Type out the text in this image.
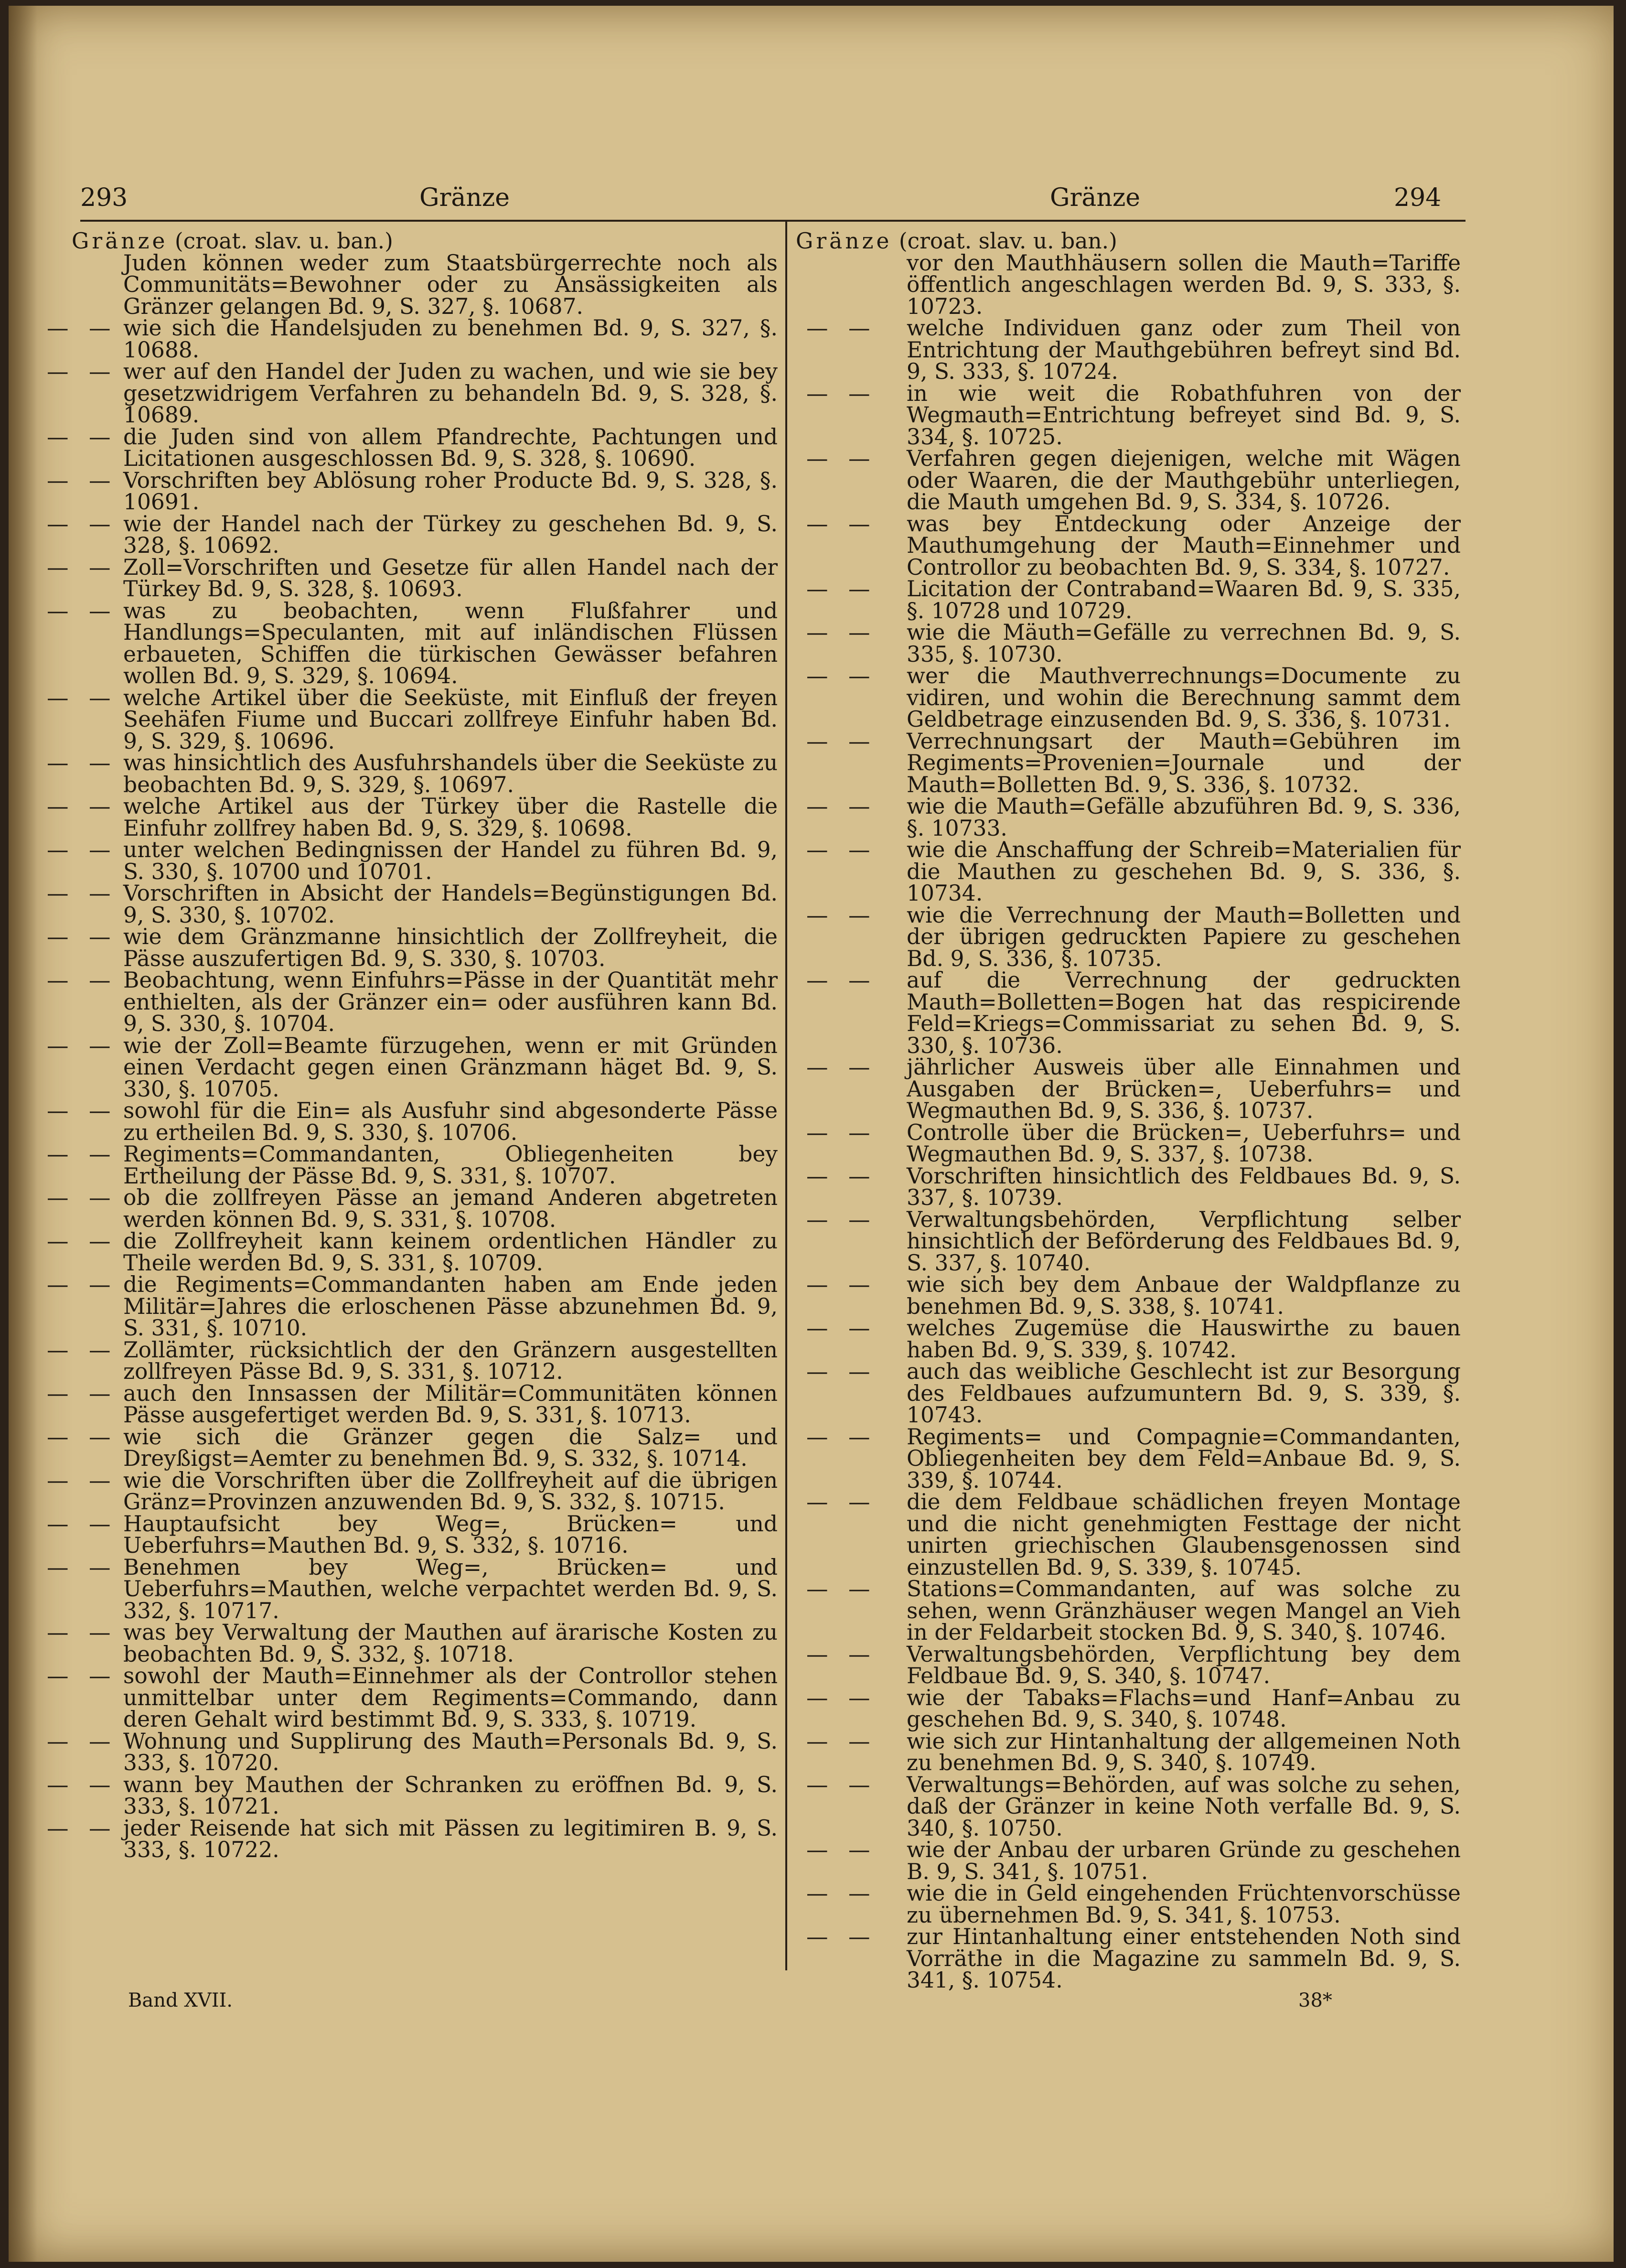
293	Gränze	Gränze	294
Gränze (croat. slav. u. ban.)
Juden können weder zum Staatsbürgerrechte noch als Communitäts=Bewohner oder zu Ansässigkeiten als Gränzer gelangen Bd. 9, S. 327, §. 10687.
— — wie sich die Handelsjuden zu benehmen Bd. 9, S. 327, §. 10688.
— — wer auf den Handel der Juden zu wachen, und wie sie bey gesetzwidrigem Verfahren zu behandeln Bd. 9, S. 328, §. 10689.
— — die Juden sind von allem Pfandrechte, Pachtungen und Licitationen ausgeschlossen Bd. 9, S. 328, §. 10690.
— — Vorschriften bey Ablösung roher Producte Bd. 9, S. 328, §. 10691.
— — wie der Handel nach der Türkey zu geschehen Bd. 9, S. 328, §. 10692.
— — Zoll=Vorschriften und Gesetze für allen Handel nach der Türkey Bd. 9, S. 328, §. 10693.
— — was zu beobachten, wenn Flußfahrer und Handlungs=Speculanten, mit auf inländischen Flüssen erbaueten, Schiffen die türkischen Gewässer befahren wollen Bd. 9, S. 329, §. 10694.
— — welche Artikel über die Seeküste, mit Einfluß der freyen Seehäfen Fiume und Buccari zollfreye Einfuhr haben Bd. 9, S. 329, §. 10696.
— — was hinsichtlich des Ausfuhrshandels über die Seeküste zu beobachten Bd. 9, S. 329, §. 10697.
— — welche Artikel aus der Türkey über die Rastelle die Einfuhr zollfrey haben Bd. 9, S. 329, §. 10698.
— — unter welchen Bedingnissen der Handel zu führen Bd. 9, S. 330, §. 10700 und 10701.
— — Vorschriften in Absicht der Handels=Begünstigungen Bd. 9, S. 330, §. 10702.
— — wie dem Gränzmanne hinsichtlich der Zollfreyheit, die Pässe auszufertigen Bd. 9, S. 330, §. 10703.
— — Beobachtung, wenn Einfuhrs=Pässe in der Quantität mehr enthielten, als der Gränzer ein= oder ausführen kann Bd. 9, S. 330, §. 10704.
— — wie der Zoll=Beamte fürzugehen, wenn er mit Gründen einen Verdacht gegen einen Gränzmann häget Bd. 9, S. 330, §. 10705.
— — sowohl für die Ein= als Ausfuhr sind abgesonderte Pässe zu ertheilen Bd. 9, S. 330, §. 10706.
— — Regiments=Commandanten, Obliegenheiten bey Ertheilung der Pässe Bd. 9, S. 331, §. 10707.
— — ob die zollfreyen Pässe an jemand Anderen abgetreten werden können Bd. 9, S. 331, §. 10708.
— — die Zollfreyheit kann keinem ordentlichen Händler zu Theile werden Bd. 9, S. 331, §. 10709.
— — die Regiments=Commandanten haben am Ende jeden Militär=Jahres die erloschenen Pässe abzunehmen Bd. 9, S. 331, §. 10710.
— — Zollämter, rücksichtlich der den Gränzern ausgestellten zollfreyen Pässe Bd. 9, S. 331, §. 10712.
— — auch den Innsassen der Militär=Communitäten können Pässe ausgefertiget werden Bd. 9, S. 331, §. 10713.
— — wie sich die Gränzer gegen die Salz= und Dreyßigst=Aemter zu benehmen Bd. 9, S. 332, §. 10714.
— — wie die Vorschriften über die Zollfreyheit auf die übrigen Gränz=Provinzen anzuwenden Bd. 9, S. 332, §. 10715.
— — Hauptaufsicht bey Weg=, Brücken= und Ueberfuhrs=Mauthen Bd. 9, S. 332, §. 10716.
— — Benehmen bey Weg=, Brücken= und Ueberfuhrs=Mauthen, welche verpachtet werden Bd. 9, S. 332, §. 10717.
— — was bey Verwaltung der Mauthen auf ärarische Kosten zu beobachten Bd. 9, S. 332, §. 10718.
— — sowohl der Mauth=Einnehmer als der Controllor stehen unmittelbar unter dem Regiments=Commando, dann deren Gehalt wird bestimmt Bd. 9, S. 333, §. 10719.
— — Wohnung und Supplirung des Mauth=Personals Bd. 9, S. 333, §. 10720.
— — wann bey Mauthen der Schranken zu eröffnen Bd. 9, S. 333, §. 10721.
— — jeder Reisende hat sich mit Pässen zu legitimiren B. 9, S. 333, §. 10722.
Gränze (croat. slav. u. ban.)
vor den Mauthhäusern sollen die Mauth=Tariffe öffentlich angeschlagen werden Bd. 9, S. 333, §. 10723.
— —	welche Individuen ganz oder zum Theil von Entrichtung der Mauthgebühren befreyt sind Bd. 9, S. 333, §. 10724.
— —	in wie weit die Robathfuhren von der Wegmauth=Entrichtung befreyet sind Bd. 9, S. 334, §. 10725.
— —	Verfahren gegen diejenigen, welche mit Wägen oder Waaren, die der Mauthgebühr unterliegen, die Mauth umgehen Bd. 9, S. 334, §. 10726.
— —	was bey Entdeckung oder Anzeige der Mauthumgehung der Mauth=Einnehmer und Controllor zu beobachten Bd. 9, S. 334, §. 10727.
— —	Licitation der Contraband=Waaren Bd. 9, S. 335, §. 10728 und 10729.
— —	wie die Mäuth=Gefälle zu verrechnen Bd. 9, S. 335, §. 10730.
— —	wer die Mauthverrechnungs=Documente zu vidiren, und wohin die Berechnung sammt dem Geldbetrage einzusenden Bd. 9, S. 336, §. 10731.
— —	Verrechnungsart der Mauth=Gebühren im Regiments=Provenien=Journale und der Mauth=Bolletten Bd. 9, S. 336, §. 10732.
— —	wie die Mauth=Gefälle abzuführen Bd. 9, S. 336, §. 10733.
— —	wie die Anschaffung der Schreib=Materialien für die Mauthen zu geschehen Bd. 9, S. 336, §. 10734.
— —	wie die Verrechnung der Mauth=Bolletten und der übrigen gedruckten Papiere zu geschehen Bd. 9, S. 336, §. 10735.
— —	auf die Verrechnung der gedruckten Mauth=Bolletten=Bogen hat das respicirende Feld=Kriegs=Commissariat zu sehen Bd. 9, S. 330, §. 10736.
— —	jährlicher Ausweis über alle Einnahmen und Ausgaben der Brücken=, Ueberfuhrs= und Wegmauthen Bd. 9, S. 336, §. 10737.
— —	Controlle über die Brücken=, Ueberfuhrs= und Wegmauthen Bd. 9, S. 337, §. 10738.
— —	Vorschriften hinsichtlich des Feldbaues Bd. 9, S. 337, §. 10739.
— —	Verwaltungsbehörden, Verpflichtung selber hinsichtlich der Beförderung des Feldbaues Bd. 9, S. 337, §. 10740.
— —	wie sich bey dem Anbaue der Waldpflanze zu benehmen Bd. 9, S. 338, §. 10741.
— —	welches Zugemüse die Hauswirthe zu bauen haben Bd. 9, S. 339, §. 10742.
— —	auch das weibliche Geschlecht ist zur Besorgung des Feldbaues aufzumuntern Bd. 9, S. 339, §. 10743.
— —	Regiments= und Compagnie=Commandanten, Obliegenheiten bey dem Feld=Anbaue Bd. 9, S. 339, §. 10744.
— —	die dem Feldbaue schädlichen freyen Montage und die nicht genehmigten Festtage der nicht unirten griechischen Glaubensgenossen sind einzustellen Bd. 9, S. 339, §. 10745.
— —	Stations=Commandanten, auf was solche zu sehen, wenn Gränzhäuser wegen Mangel an Vieh in der Feldarbeit stocken Bd. 9, S. 340, §. 10746.
— —	Verwaltungsbehörden, Verpflichtung bey dem Feldbaue Bd. 9, S. 340, §. 10747.
— —	wie der Tabaks=Flachs=und Hanf=Anbau zu geschehen Bd. 9, S. 340, §. 10748.
— —	wie sich zur Hintanhaltung der allgemeinen Noth zu benehmen Bd. 9, S. 340, §. 10749.
— —	Verwaltungs=Behörden, auf was solche zu sehen, daß der Gränzer in keine Noth verfalle Bd. 9, S. 340, §. 10750.
— —	wie der Anbau der urbaren Gründe zu geschehen B. 9, S. 341, §. 10751.
— —	wie die in Geld eingehenden Früchtenvorschüsse zu übernehmen Bd. 9, S. 341, §. 10753.
— —	zur Hintanhaltung einer entstehenden Noth sind Vorräthe in die Magazine zu sammeln Bd. 9, S. 341, §. 10754.
Band XVII.	38*
